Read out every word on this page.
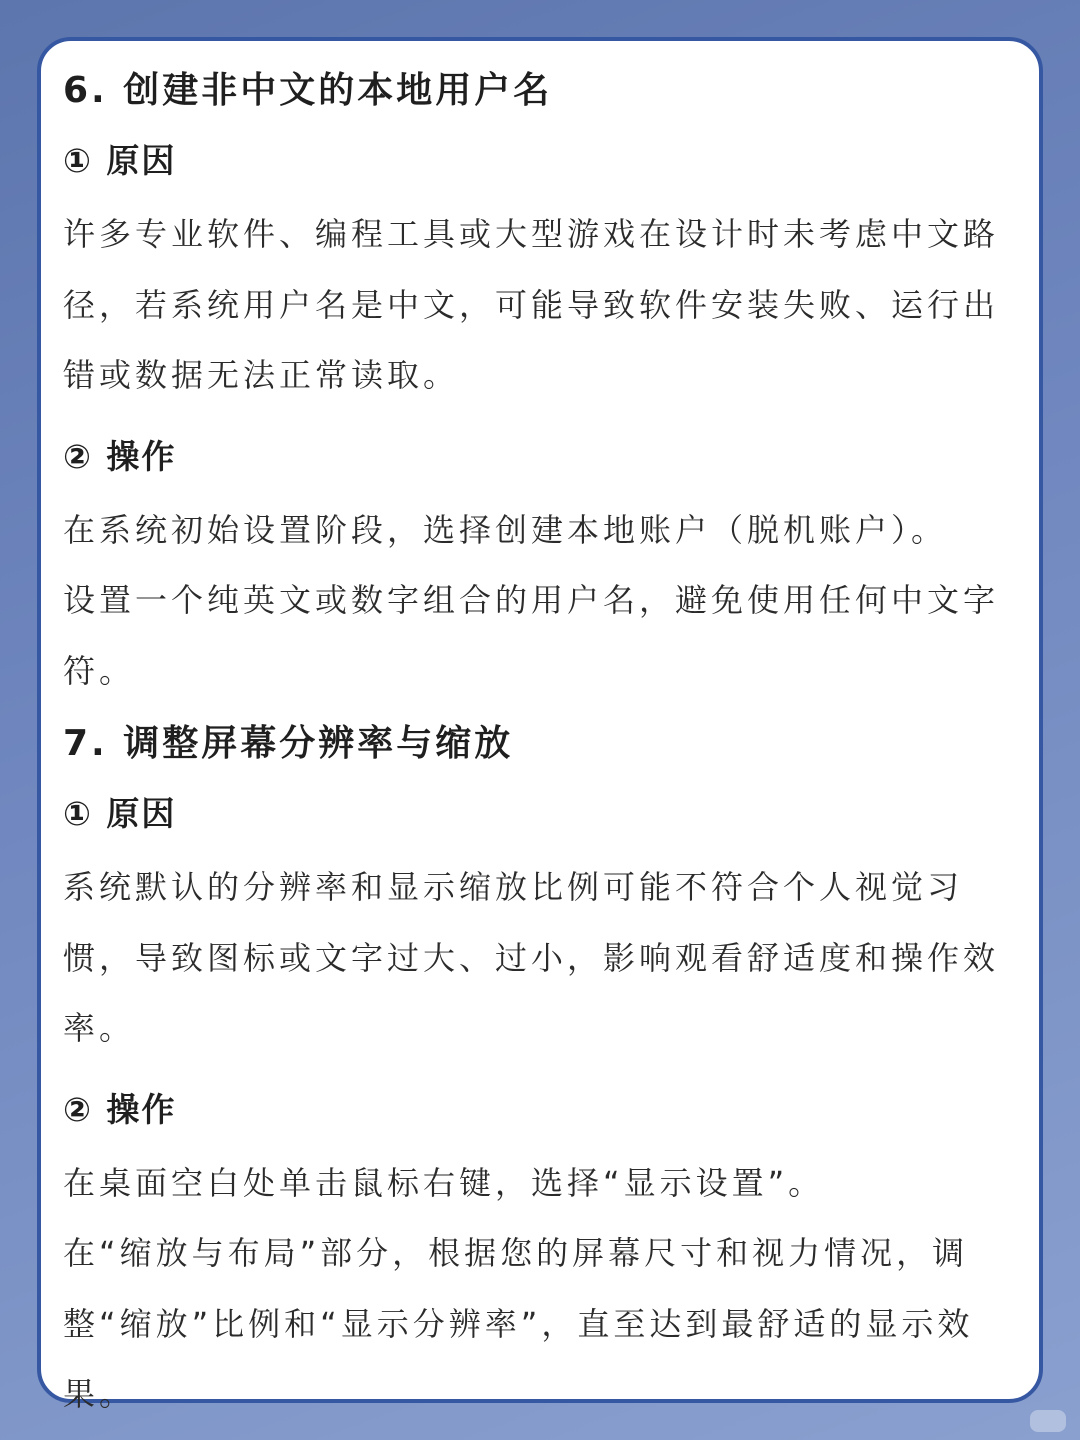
6. 创建非中文的本地用户名
① 原因
许多专业软件、编程工具或大型游戏在设计时未考虑中文路径，若系统用户名是中文，可能导致软件安装失败、运行出错或数据无法正常读取。
② 操作
在系统初始设置阶段，选择创建本地账户（脱机账户）。
设置一个纯英文或数字组合的用户名，避免使用任何中文字符。
7. 调整屏幕分辨率与缩放
① 原因
系统默认的分辨率和显示缩放比例可能不符合个人视觉习惯，导致图标或文字过大、过小，影响观看舒适度和操作效率。
② 操作
在桌面空白处单击鼠标右键，选择“显示设置”。
在“缩放与布局”部分，根据您的屏幕尺寸和视力情况，调整“缩放”比例和“显示分辨率”，直至达到最舒适的显示效果。
